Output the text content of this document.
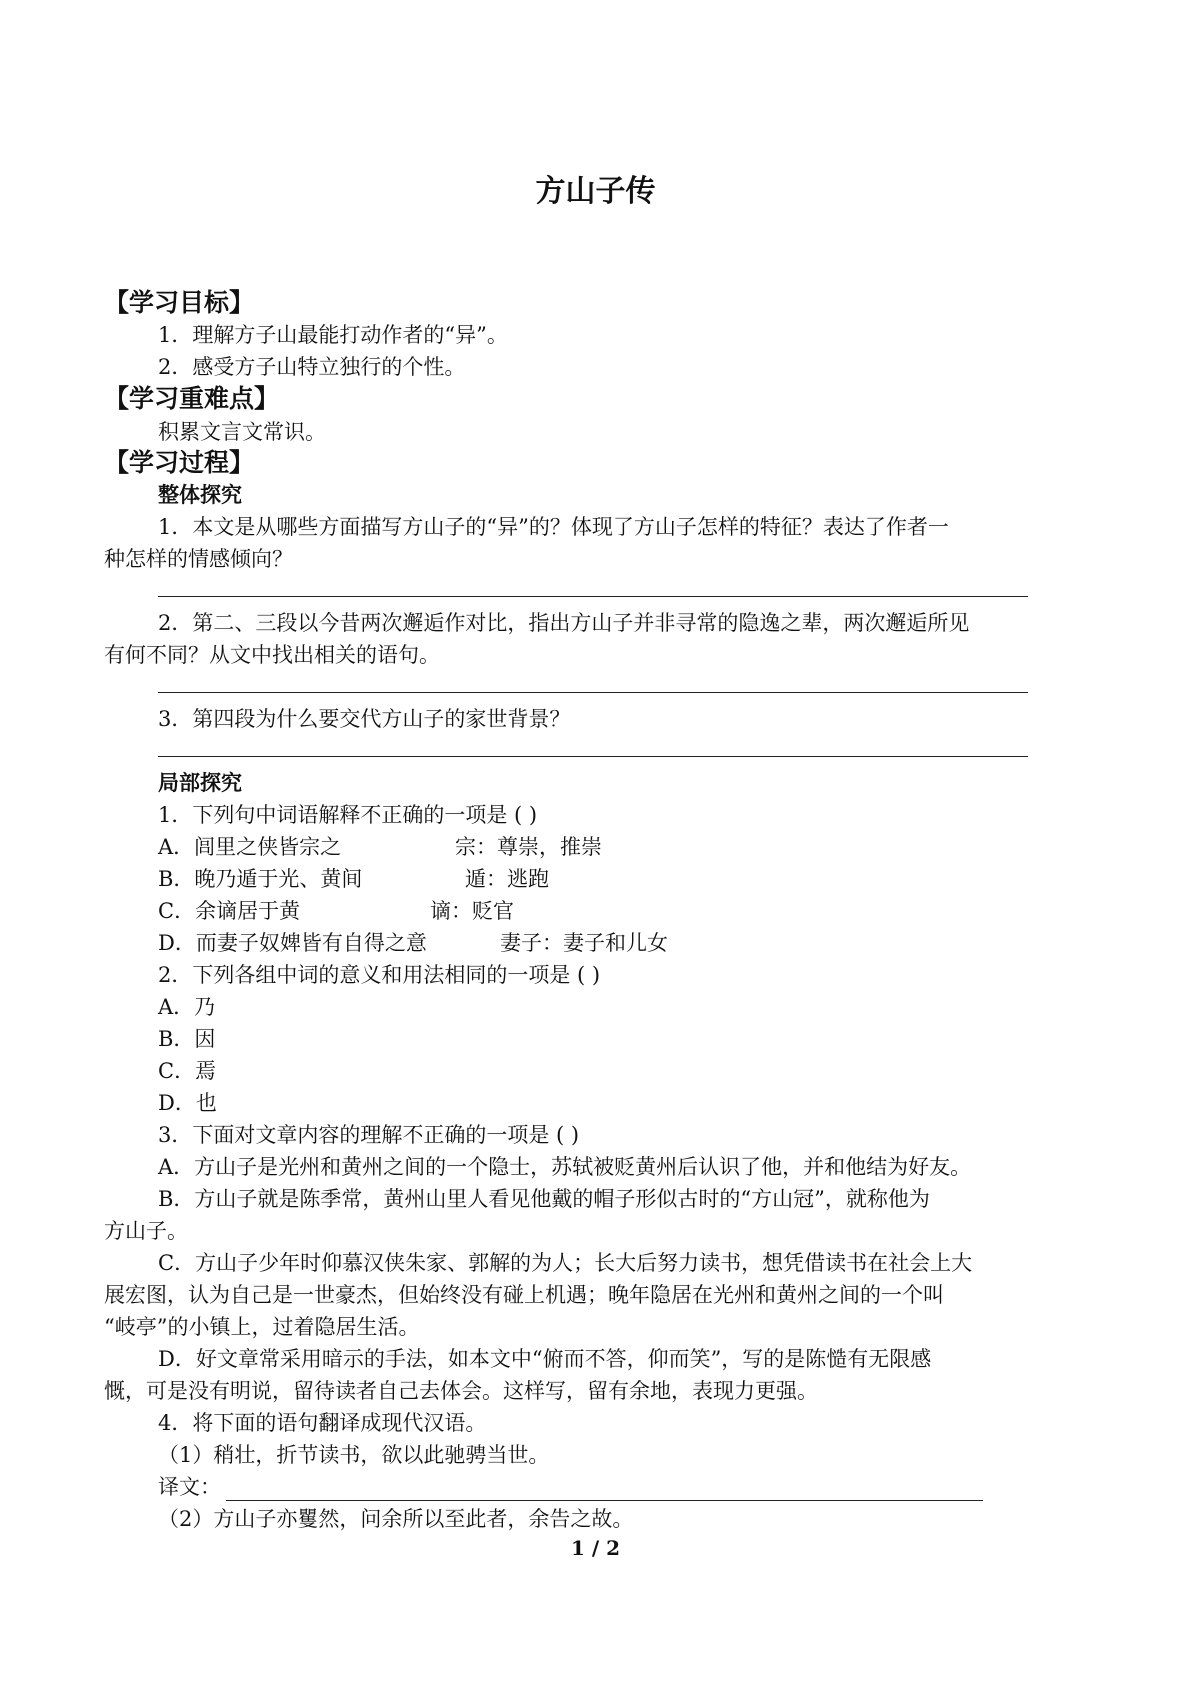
方山子传
【学习目标】
1．理解方子山最能打动作者的“异”。
2．感受方子山特立独行的个性。
【学习重难点】
积累文言文常识。
【学习过程】
整体探究
1．本文是从哪些方面描写方山子的“异”的？体现了方山子怎样的特征？表达了作者一
种怎样的情感倾向？
2．第二、三段以今昔两次邂逅作对比，指出方山子并非寻常的隐逸之辈，两次邂逅所见
有何不同？从文中找出相关的语句。
3．第四段为什么要交代方山子的家世背景？
局部探究
1．下列句中词语解释不正确的一项是 ( )
A．闾里之侠皆宗之	宗：尊崇，推崇
B．晚乃遁于光、黄间	遁：逃跑
C．余谪居于黄	谪：贬官
D．而妻子奴婢皆有自得之意	妻子：妻子和儿女
2．下列各组中词的意义和用法相同的一项是 ( )
A．乃
B．因
C．焉
D．也
3．下面对文章内容的理解不正确的一项是 ( )
A．方山子是光州和黄州之间的一个隐士，苏轼被贬黄州后认识了他，并和他结为好友。
B．方山子就是陈季常，黄州山里人看见他戴的帽子形似古时的“方山冠”，就称他为
方山子。
C．方山子少年时仰慕汉侠朱家、郭解的为人；长大后努力读书，想凭借读书在社会上大
展宏图，认为自己是一世豪杰，但始终没有碰上机遇；晚年隐居在光州和黄州之间的一个叫
“岐亭”的小镇上，过着隐居生活。
D．好文章常采用暗示的手法，如本文中“俯而不答，仰而笑”，写的是陈慥有无限感
慨，可是没有明说，留待读者自己去体会。这样写，留有余地，表现力更强。
4．将下面的语句翻译成现代汉语。
（1）稍壮，折节读书，欲以此驰骋当世。
译文：
（2）方山子亦矍然，问余所以至此者，余告之故。
1 / 2
